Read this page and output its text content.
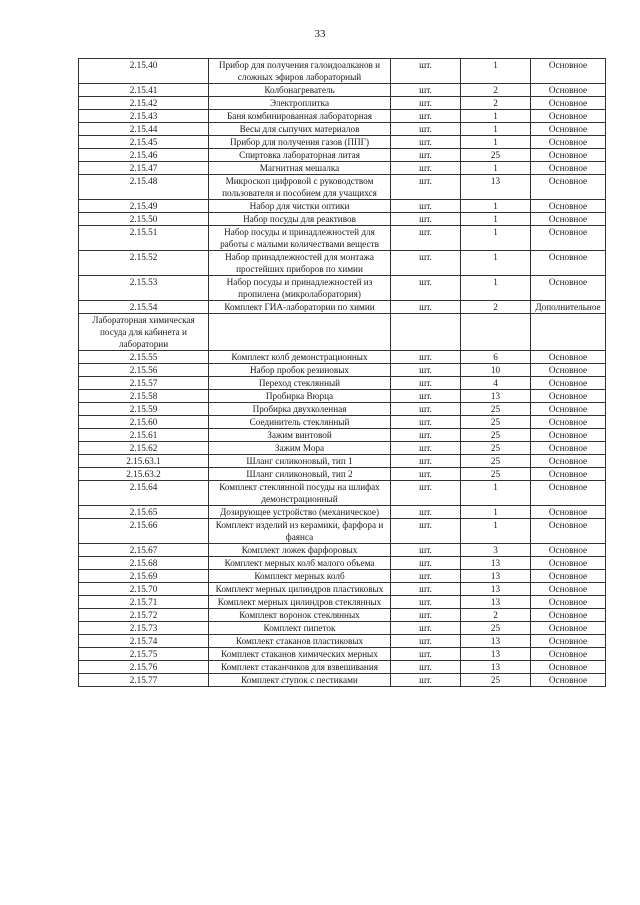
33
2.15.40	Прибор для получения галоидоалканов и сложных эфиров лабораторный	шт.	1	Основное
2.15.41	Колбонагреватель	шт.	2	Основное
2.15.42	Электроплитка	шт.	2	Основное
2.15.43	Баня комбинированная лабораторная	шт.	1	Основное
2.15.44	Весы для сыпучих материалов	шт.	1	Основное
2.15.45	Прибор для получения газов (ППГ)	шт.	1	Основное
2.15.46	Спиртовка лабораторная литая	шт.	25	Основное
2.15.47	Магнитная мешалка	шт.	1	Основное
2.15.48	Микроскоп цифровой с руководством пользователя и пособием для учащихся	шт.	13	Основное
2.15.49	Набор для чистки оптики	шт.	1	Основное
2.15.50	Набор посуды для реактивов	шт.	1	Основное
2.15.51	Набор посуды и принадлежностей для работы с малыми количествами веществ	шт.	1	Основное
2.15.52	Набор принадлежностей для монтажа простейших приборов по химии	шт.	1	Основное
2.15.53	Набор посуды и принадлежностей из пропилена (микролаборатория)	шт.	1	Основное
2.15.54	Комплект ГИА-лаборатории по химии	шт.	2	Дополнительное
Лабораторная химическая посуда для кабинета и лаборатории				
2.15.55	Комплект колб демонстрационных	шт.	6	Основное
2.15.56	Набор пробок резиновых	шт.	10	Основное
2.15.57	Переход стеклянный	шт.	4	Основное
2.15.58	Пробирка Вюрца	шт.	13	Основное
2.15.59	Пробирка двухколенная	шт.	25	Основное
2.15.60	Соединитель стеклянный	шт.	25	Основное
2.15.61	Зажим винтовой	шт.	25	Основное
2.15.62	Зажим Мора	шт.	25	Основное
2.15.63.1	Шланг силиконовый, тип 1	шт.	25	Основное
2.15.63.2	Шланг силиконовый, тип 2	шт.	25	Основное
2.15.64	Комплект стеклянной посуды на шлифах демонстрационный	шт.	1	Основное
2.15.65	Дозирующее устройство (механическое)	шт.	1	Основное
2.15.66	Комплект изделий из керамики, фарфора и фаянса	шт.	1	Основное
2.15.67	Комплект ложек фарфоровых	шт.	3	Основное
2.15.68	Комплект мерных колб малого объема	шт.	13	Основное
2.15.69	Комплект мерных колб	шт.	13	Основное
2.15.70	Комплект мерных цилиндров пластиковых	шт.	13	Основное
2.15.71	Комплект мерных цилиндров стеклянных	шт.	13	Основное
2.15.72	Комплект воронок стеклянных	шт.	2	Основное
2.15.73	Комплект пипеток	шт.	25	Основное
2.15.74	Комплект стаканов пластиковых	шт.	13	Основное
2.15.75	Комплект стаканов химических мерных	шт.	13	Основное
2.15.76	Комплект стаканчиков для взвешивания	шт.	13	Основное
2.15.77	Комплект ступок с пестиками	шт.	25	Основное
